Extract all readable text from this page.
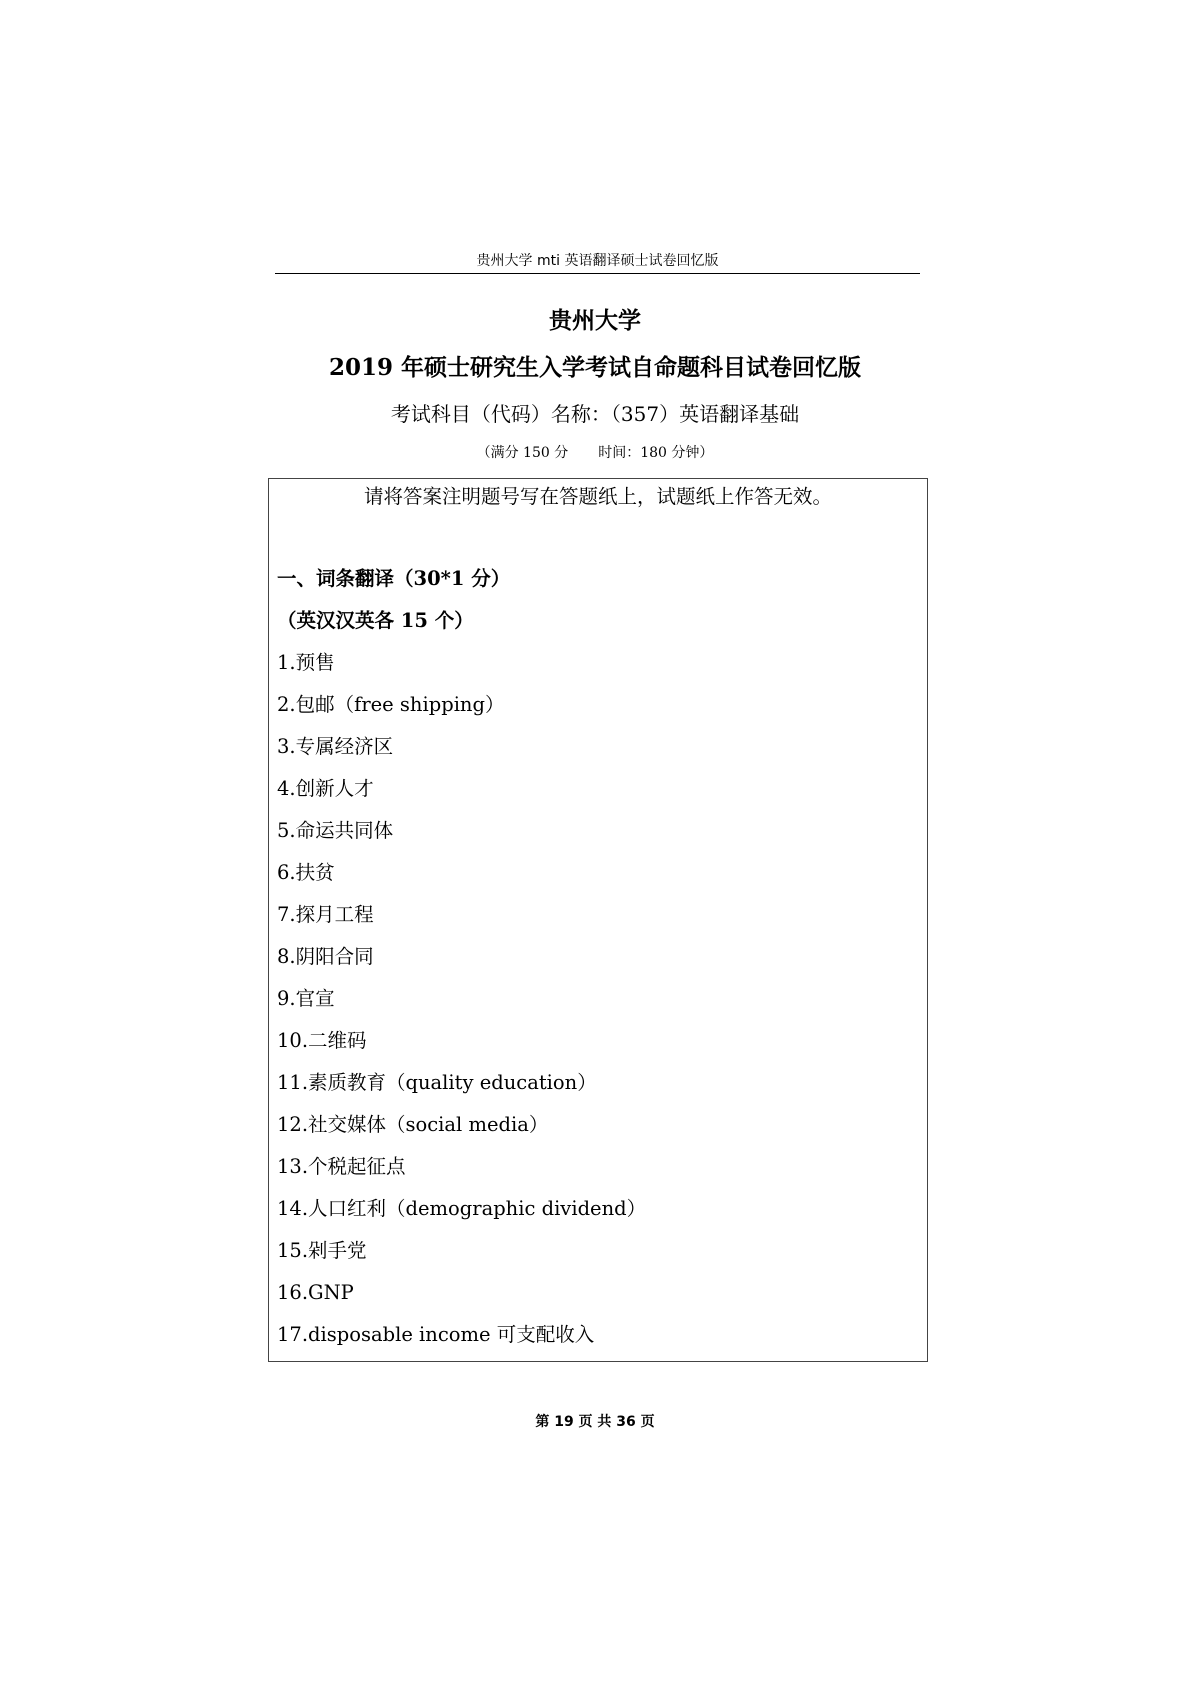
贵州大学 mti 英语翻译硕士试卷回忆版
贵州大学
2019 年硕士研究生入学考试自命题科目试卷回忆版
考试科目（代码）名称：（357）英语翻译基础
（满分 150 分 时间：180 分钟）
请将答案注明题号写在答题纸上，试题纸上作答无效。
一、词条翻译（30*1 分）
（英汉汉英各 15 个）
1.预售
2.包邮（free shipping）
3.专属经济区
4.创新人才
5.命运共同体
6.扶贫
7.探月工程
8.阴阳合同
9.官宣
10.二维码
11.素质教育（quality education）
12.社交媒体（social media）
13.个税起征点
14.人口红利（demographic dividend）
15.剁手党
16.GNP
17.disposable income 可支配收入
第 19 页 共 36 页
